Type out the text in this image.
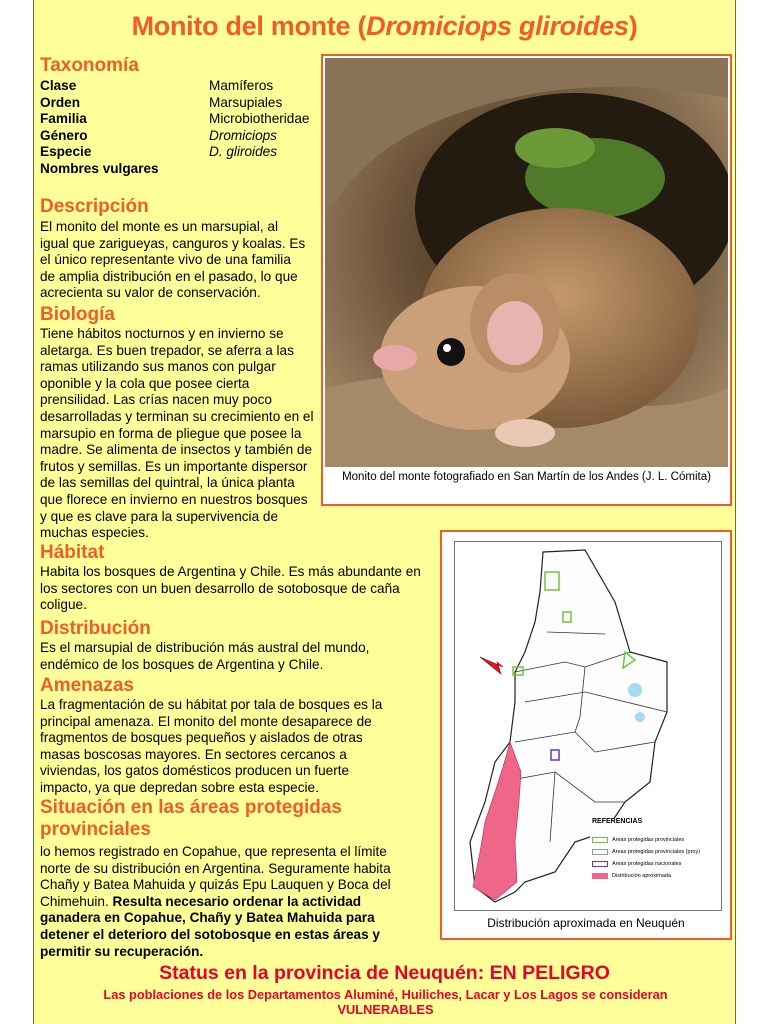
Monito del monte (Dromiciops gliroides)
Taxonomía
Clase	Mamíferos
Orden	Marsupiales
Familia	Microbiotheridae
Género	Dromiciops
Especie	D. gliroides
Nombres vulgares
Descripción

El monito del monte es un marsupial, al igual que zarigueyas, canguros y koalas. Es el único representante vivo de una familia de amplia distribución en el pasado, lo que acrecienta su valor de conservación.

Biología

Tiene hábitos nocturnos y en invierno se aletarga. Es buen trepador, se aferra a las ramas utilizando sus manos con pulgar oponible y la cola que posee cierta prensilidad. Las crías nacen muy poco desarrolladas y terminan su crecimiento en el marsupio en forma de pliegue que posee la madre. Se alimenta de insectos y también de frutos y semillas. Es un importante dispersor de las semillas del quintral, la única planta que florece en invierno en nuestros bosques y que es clave para la supervivencia de muchas especies.

Hábitat

Habita los bosques de Argentina y Chile. Es más abundante en los sectores con un buen desarrollo de sotobosque de caña coligue.

Distribución

Es el marsupial de distribución más austral del mundo, endémico de los bosques de Argentina y Chile.

Amenazas

La fragmentación de su hábitat por tala de bosques es la principal amenaza. El monito del monte desaparece de fragmentos de bosques pequeños y aislados de otras masas boscosas mayores. En sectores cercanos a viviendas, los gatos domésticos producen un fuerte impacto, ya que depredan sobre esta especie.

Situación en las áreas protegidas
provinciales

lo hemos registrado en Copahue, que representa el límite norte de su distribución en Argentina. Seguramente habita Chañy y Batea Mahuida y quizás Epu Lauquen y Boca del Chimehuin. Resulta necesario ordenar la actividad ganadera en Copahue, Chañy y Batea Mahuida para detener el deterioro del sotobosque en estas áreas y permitir su recuperación.

Monito del monte fotografiado en San Martín de los Andes (J. L. Cómita)

REFERENCIAS
Areas protegidas provinciales
Areas protegidas provinciales (proy)
Areas protegidas nacionales
Distribución aproximada

Distribución aproximada en Neuquén

Status en la provincia de Neuquén: EN PELIGRO

Las poblaciones de los Departamentos Aluminé, Huiliches, Lacar y Los Lagos se consideran VULNERABLES
